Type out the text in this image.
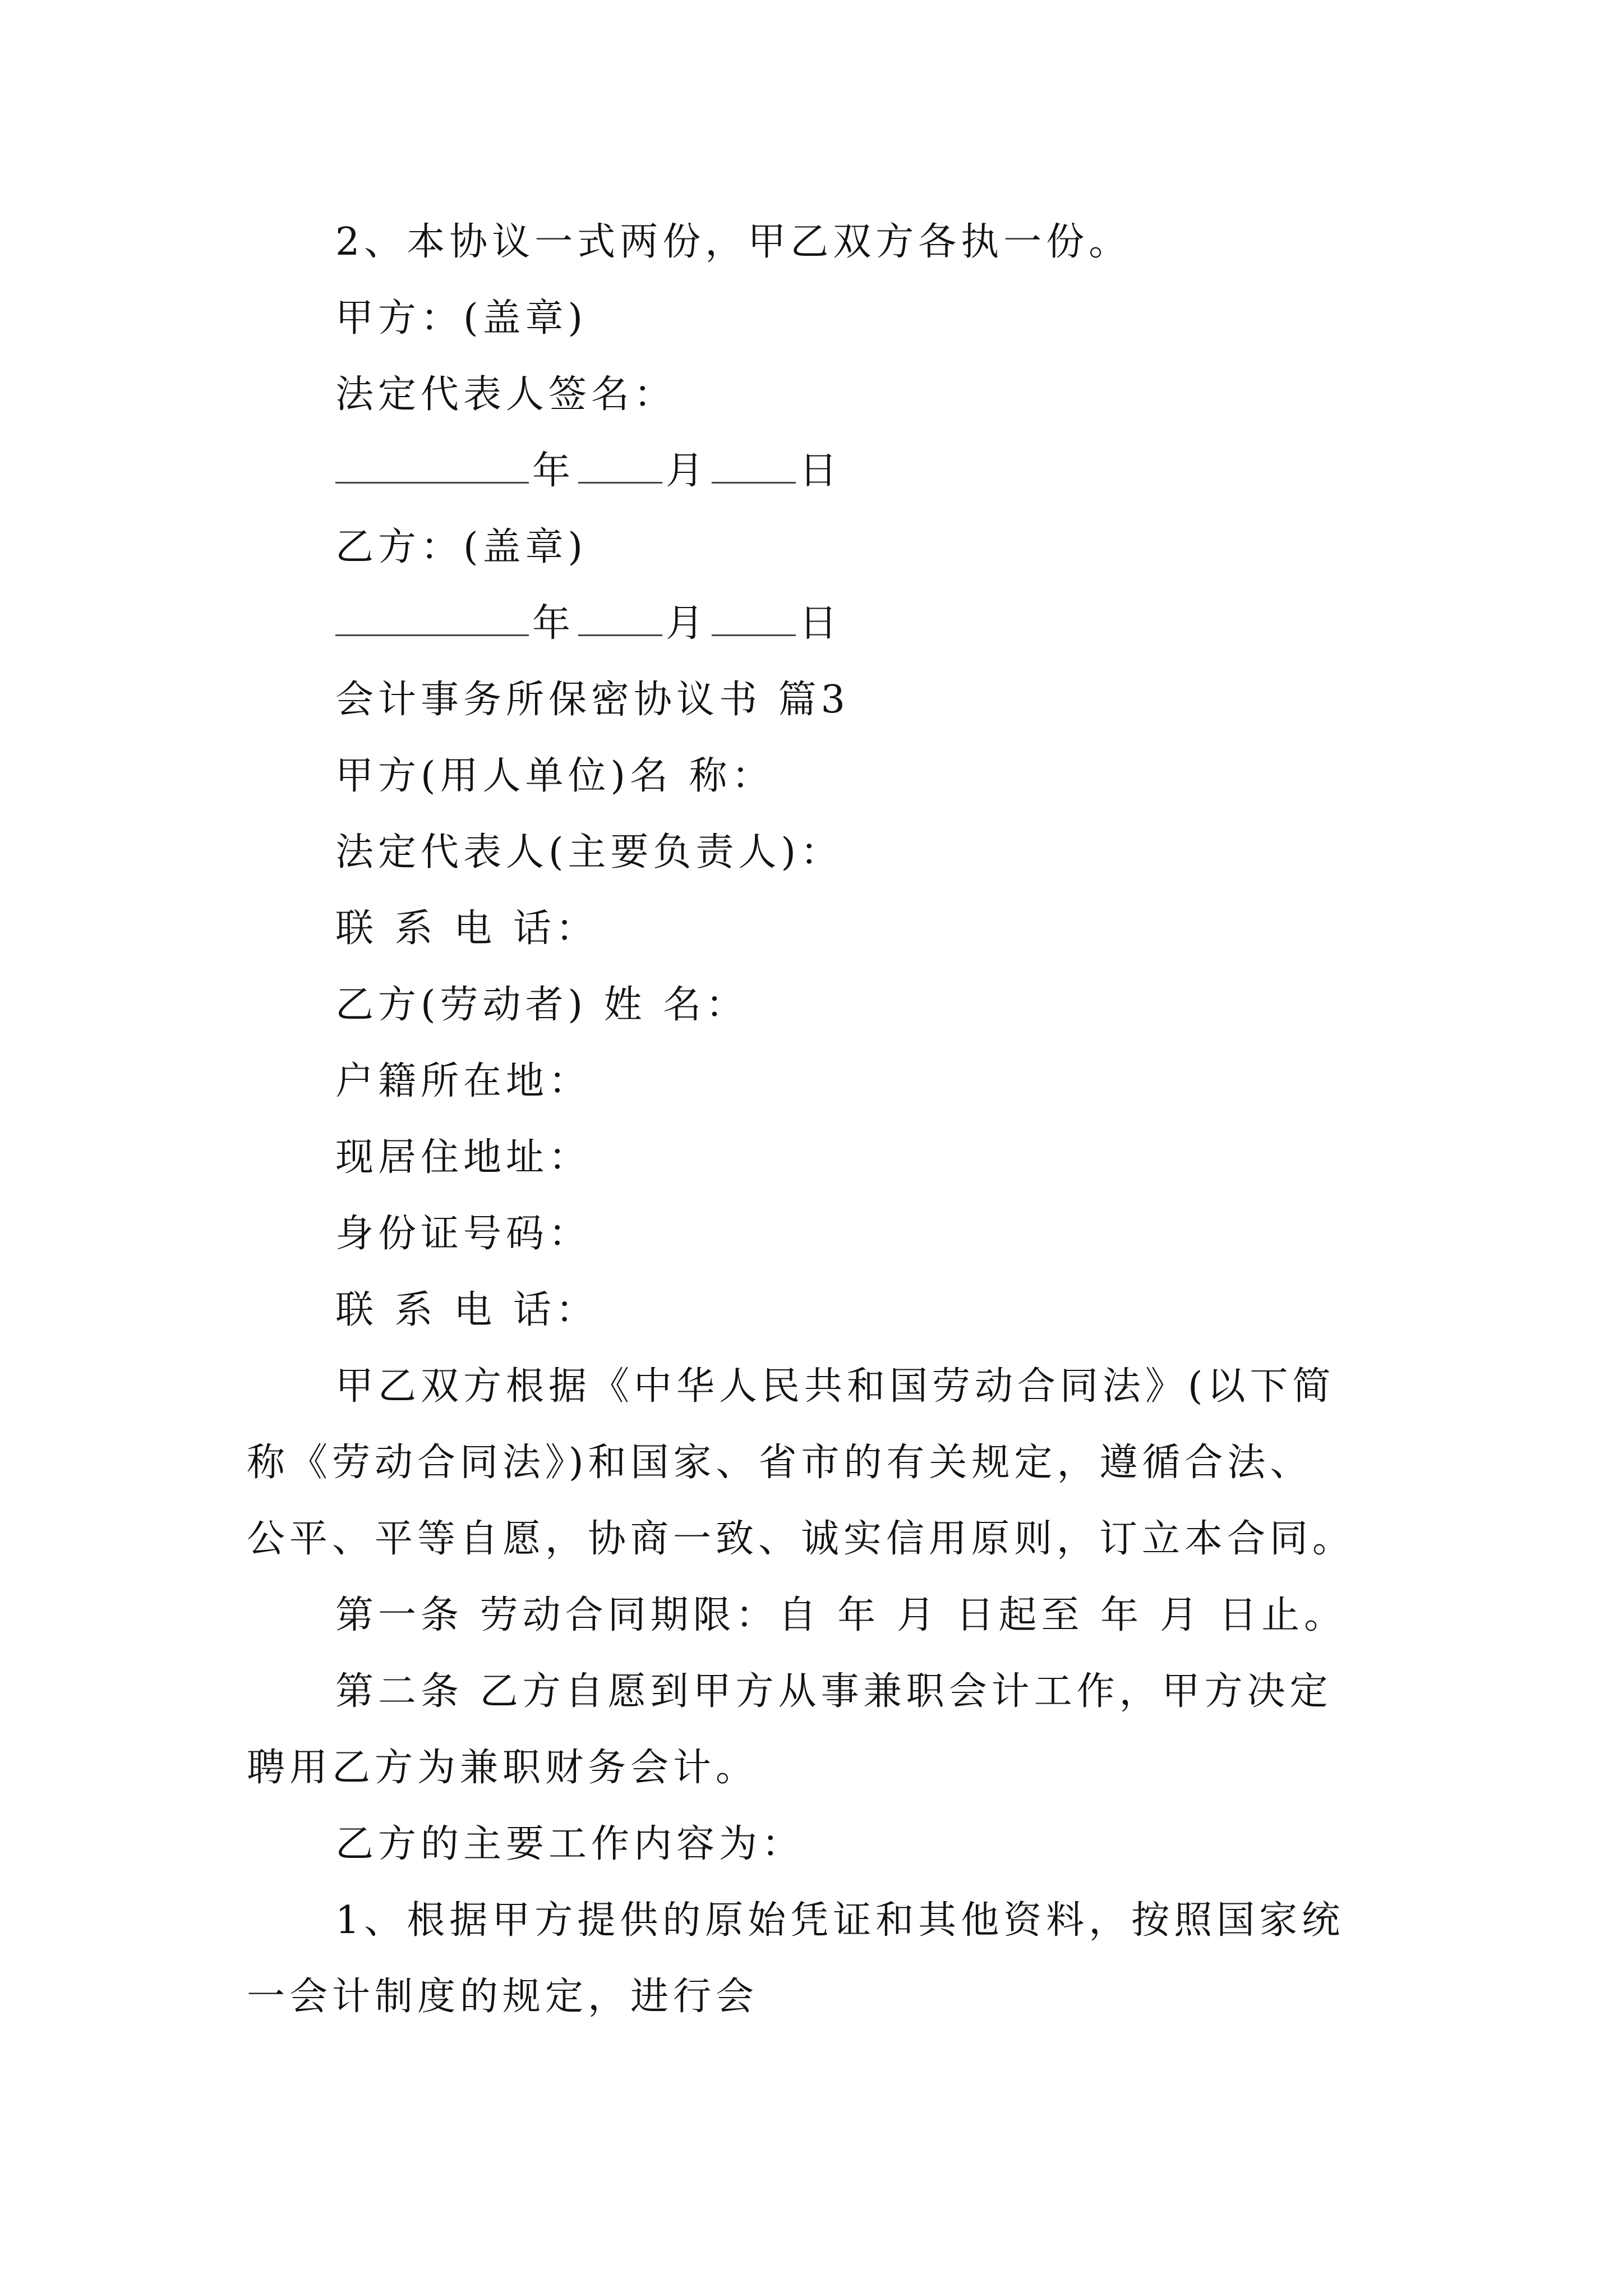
2、本协议一式两份，甲乙双方各执一份。
甲方：(盖章)
法定代表人签名：
年 月 日
乙方：(盖章)
年 月 日
会计事务所保密协议书 篇3
甲方(用人单位)名 称：
法定代表人(主要负责人)：
联 系 电 话：
乙方(劳动者) 姓 名：
户籍所在地：
现居住地址：
身份证号码：
联 系 电 话：
甲乙双方根据《中华人民共和国劳动合同法》(以下简
称《劳动合同法》)和国家、省市的有关规定，遵循合法、
公平、平等自愿，协商一致、诚实信用原则，订立本合同。
第一条 劳动合同期限：自 年 月 日起至 年 月 日止。
第二条 乙方自愿到甲方从事兼职会计工作，甲方决定
聘用乙方为兼职财务会计。
乙方的主要工作内容为：
1、根据甲方提供的原始凭证和其他资料，按照国家统
一会计制度的规定，进行会
